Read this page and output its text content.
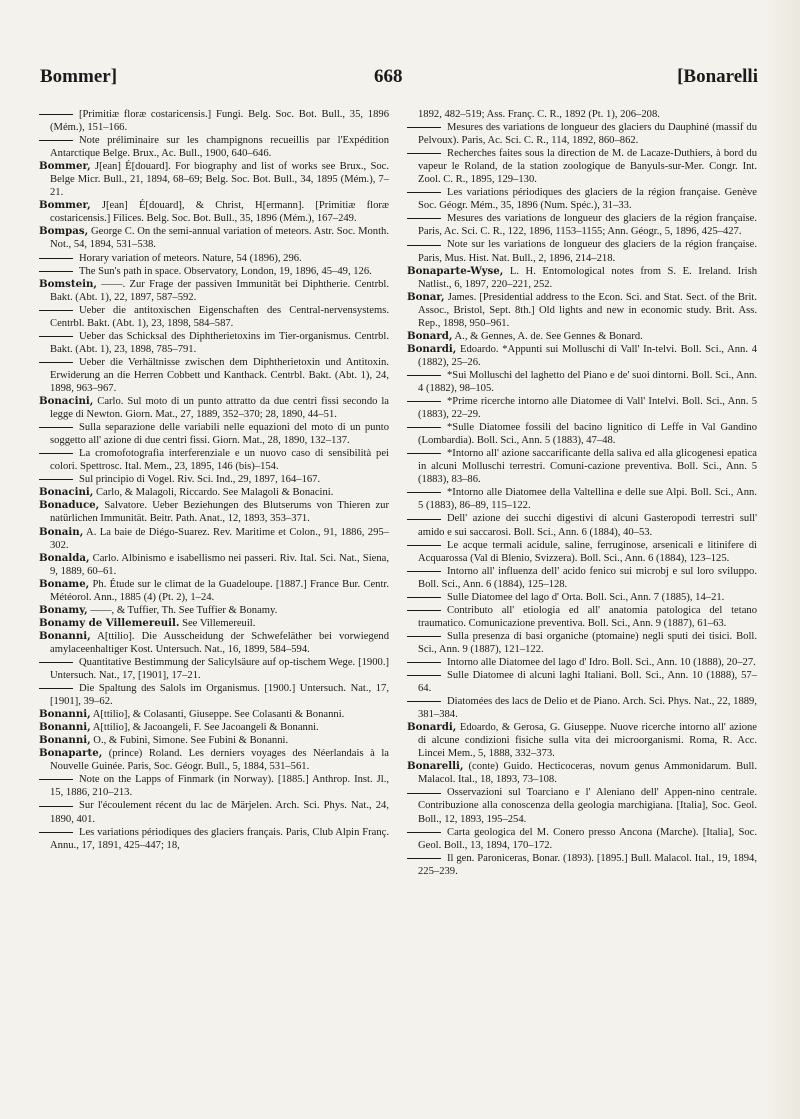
Bommer]	668	[Bonarelli

[Primitiæ floræ costaricensis.] Fungi. Belg. Soc. Bot. Bull., 35, 1896 (Mém.), 151–166.

Note préliminaire sur les champignons recueillis par l'Expédition Antarctique Belge. Brux., Ac. Bull., 1900, 640–646.

Bommer, J[ean] É[douard]. For biography and list of works see Brux., Soc. Belge Micr. Bull., 21, 1894, 68–69; Belg. Soc. Bot. Bull., 34, 1895 (Mém.), 7–21.

Bommer, J[ean] É[douard], & Christ, H[ermann]. [Primitiæ floræ costaricensis.] Filices. Belg. Soc. Bot. Bull., 35, 1896 (Mém.), 167–249.

Bompas, George C. On the semi-annual variation of meteors. Astr. Soc. Month. Not., 54, 1894, 531–538.

Horary variation of meteors. Nature, 54 (1896), 296.

The Sun's path in space. Observatory, London, 19, 1896, 45–49, 126.

Bomstein, ——. Zur Frage der passiven Immunität bei Diphtherie. Centrbl. Bakt. (Abt. 1), 22, 1897, 587–592.

Ueber die antitoxischen Eigenschaften des Central-nervensystems. Centrbl. Bakt. (Abt. 1), 23, 1898, 584–587.

Ueber das Schicksal des Diphtherietoxins im Tier-organismus. Centrbl. Bakt. (Abt. 1), 23, 1898, 785–791.

Ueber die Verhältnisse zwischen dem Diphtherietoxin und Antitoxin. Erwiderung an die Herren Cobbett und Kanthack. Centrbl. Bakt. (Abt. 1), 24, 1898, 963–967.

Bonacini, Carlo. Sul moto di un punto attratto da due centri fissi secondo la legge di Newton. Giorn. Mat., 27, 1889, 352–370; 28, 1890, 44–51.

Sulla separazione delle variabili nelle equazioni del moto di un punto soggetto all' azione di due centri fissi. Giorn. Mat., 28, 1890, 132–137.

La cromofotografia interferenziale e un nuovo caso di sensibilità pei colori. Spettrosc. Ital. Mem., 23, 1895, 146 (bis)–154.

Sul principio di Vogel. Riv. Sci. Ind., 29, 1897, 164–167.

Bonacini, Carlo, & Malagoli, Riccardo. See Malagoli & Bonacini.

Bonaduce, Salvatore. Ueber Beziehungen des Blutserums von Thieren zur natürlichen Immunität. Beitr. Path. Anat., 12, 1893, 353–371.

Bonain, A. La baie de Diégo-Suarez. Rev. Maritime et Colon., 91, 1886, 295–302.

Bonalda, Carlo. Albinismo e isabellismo nei passeri. Riv. Ital. Sci. Nat., Siena, 9, 1889, 60–61.

Boname, Ph. Étude sur le climat de la Guadeloupe. [1887.] France Bur. Centr. Météorol. Ann., 1885 (4) (Pt. 2), 1–24.

Bonamy, ——, & Tuffier, Th. See Tuffier & Bonamy.

Bonamy de Villemereuil. See Villemereuil.

Bonanni, A[ttilio]. Die Ausscheidung der Schwefeläther bei vorwiegend amylaceenhaltiger Kost. Untersuch. Nat., 16, 1899, 584–594.

Quantitative Bestimmung der Salicylsäure auf op-tischem Wege. [1900.] Untersuch. Nat., 17, [1901], 17–21.

Die Spaltung des Salols im Organismus. [1900.] Untersuch. Nat., 17, [1901], 39–62.

Bonanni, A[ttilio], & Colasanti, Giuseppe. See Colasanti & Bonanni.

Bonanni, A[ttilio], & Jacoangeli, F. See Jacoangeli & Bonanni.

Bonanni, O., & Fubini, Simone. See Fubini & Bonanni.

Bonaparte, (prince) Roland. Les derniers voyages des Néerlandais à la Nouvelle Guinée. Paris, Soc. Géogr. Bull., 5, 1884, 531–561.

Note on the Lapps of Finmark (in Norway). [1885.] Anthrop. Inst. Jl., 15, 1886, 210–213.

Sur l'écoulement récent du lac de Märjelen. Arch. Sci. Phys. Nat., 24, 1890, 401.

Les variations périodiques des glaciers français. Paris, Club Alpin Franç. Annu., 17, 1891, 425–447; 18,

1892, 482–519; Ass. Franç. C. R., 1892 (Pt. 1), 206–208.

Mesures des variations de longueur des glaciers du Dauphiné (massif du Pelvoux). Paris, Ac. Sci. C. R., 114, 1892, 860–862.

Recherches faites sous la direction de M. de Lacaze-Duthiers, à bord du vapeur le Roland, de la station zoologique de Banyuls-sur-Mer. Congr. Int. Zool. C. R., 1895, 129–130.

Les variations périodiques des glaciers de la région française. Genève Soc. Géogr. Mém., 35, 1896 (Num. Spéc.), 31–33.

Mesures des variations de longueur des glaciers de la région française. Paris, Ac. Sci. C. R., 122, 1896, 1153–1155; Ann. Géogr., 5, 1896, 425–427.

Note sur les variations de longueur des glaciers de la région française. Paris, Mus. Hist. Nat. Bull., 2, 1896, 214–218.

Bonaparte-Wyse, L. H. Entomological notes from S. E. Ireland. Irish Natlist., 6, 1897, 220–221, 252.

Bonar, James. [Presidential address to the Econ. Sci. and Stat. Sect. of the Brit. Assoc., Bristol, Sept. 8th.] Old lights and new in economic study. Brit. Ass. Rep., 1898, 950–961.

Bonard, A., & Gennes, A. de. See Gennes & Bonard.

Bonardi, Edoardo. *Appunti sui Molluschi di Vall' In-telvi. Boll. Sci., Ann. 4 (1882), 25–26.

*Sui Molluschi del laghetto del Piano e de' suoi dintorni. Boll. Sci., Ann. 4 (1882), 98–105.

*Prime ricerche intorno alle Diatomee di Vall' Intelvi. Boll. Sci., Ann. 5 (1883), 22–29.

*Sulle Diatomee fossili del bacino lignitico di Leffe in Val Gandino (Lombardia). Boll. Sci., Ann. 5 (1883), 47–48.

*Intorno all' azione saccarificante della saliva ed alla glicogenesi epatica in alcuni Molluschi terrestri. Comuni-cazione preventiva. Boll. Sci., Ann. 5 (1883), 83–86.

*Intorno alle Diatomee della Valtellina e delle sue Alpi. Boll. Sci., Ann. 5 (1883), 86–89, 115–122.

Dell' azione dei succhi digestivi di alcuni Gasteropodi terrestri sull' amido e sui saccarosi. Boll. Sci., Ann. 6 (1884), 40–53.

Le acque termali acidule, saline, ferruginose, arsenicali e litinifere di Acquarossa (Val di Blenio, Svizzera). Boll. Sci., Ann. 6 (1884), 123–125.

Intorno all' influenza dell' acido fenico sui microbj e sul loro sviluppo. Boll. Sci., Ann. 6 (1884), 125–128.

Sulle Diatomee del lago d' Orta. Boll. Sci., Ann. 7 (1885), 14–21.

Contributo all' etiologia ed all' anatomia patologica del tetano traumatico. Comunicazione preventiva. Boll. Sci., Ann. 9 (1887), 61–63.

Sulla presenza di basi organiche (ptomaine) negli sputi dei tisici. Boll. Sci., Ann. 9 (1887), 121–122.

Intorno alle Diatomee del lago d' Idro. Boll. Sci., Ann. 10 (1888), 20–27.

Sulle Diatomee di alcuni laghi Italiani. Boll. Sci., Ann. 10 (1888), 57–64.

Diatomées des lacs de Delio et de Piano. Arch. Sci. Phys. Nat., 22, 1889, 381–384.

Bonardi, Edoardo, & Gerosa, G. Giuseppe. Nuove ricerche intorno all' azione di alcune condizioni fisiche sulla vita dei microorganismi. Roma, R. Acc. Lincei Mem., 5, 1888, 332–373.

Bonarelli, (conte) Guido. Hecticoceras, novum genus Ammonidarum. Bull. Malacol. Ital., 18, 1893, 73–108.

Osservazioni sul Toarciano e l' Aleniano dell' Appen-nino centrale. Contribuzione alla conoscenza della geologia marchigiana. [Italia], Soc. Geol. Boll., 12, 1893, 195–254.

Carta geologica del M. Conero presso Ancona (Marche). [Italia], Soc. Geol. Boll., 13, 1894, 170–172.

Il gen. Paroniceras, Bonar. (1893). [1895.] Bull. Malacol. Ital., 19, 1894, 225–239.
